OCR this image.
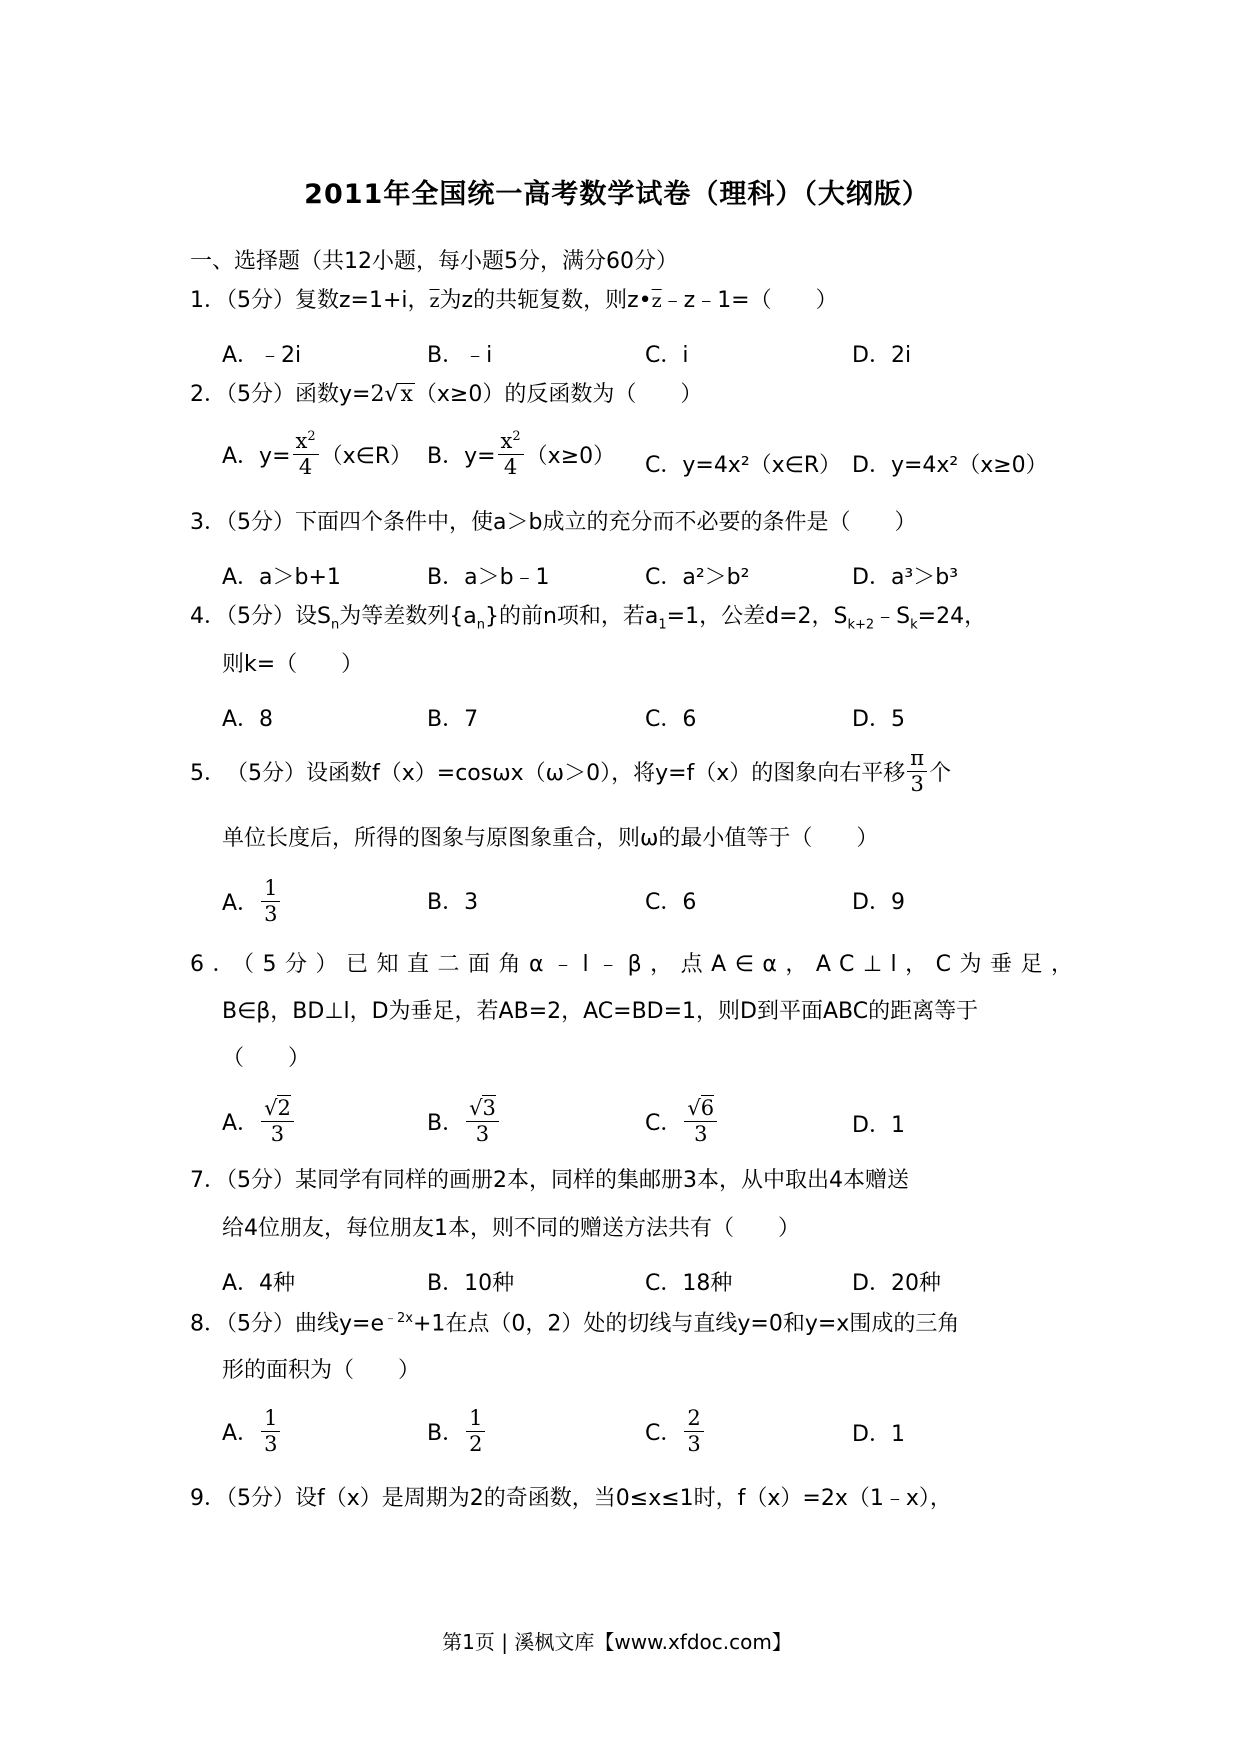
2011年全国统一高考数学试卷（理科）（大纲版）
一、选择题（共12小题，每小题5分，满分60分）
1．（5分）复数z=1+i，$\overline{z}$为z的共轭复数，则$z•\overline{z}﹣z﹣1=$（　　）
A．﹣2i	B．﹣i	C．i	D．2i
2．（5分）函数y= 2 √ x （x≥0）的反函数为（　　）
A．$y= \frac{x^2}{4}$ （x∈R） B．$y= \frac{x^2}{4} (x\ge 0)$ C．y=4x²（x∈R） D．y=4x²（x≥0）
3．（5分）下面四个条件中，使a＞b成立的充分而不必要的条件是（　　）
A．a＞b+1	B．a＞b﹣1	C．a²＞b²	D．a³＞b³
4．（5分）设$S_n$为等差数列$\{a_n\}$的前n项和，若$a_1=1$，公差d=2，$S_{k+2}﹣S_k=24$，
则k=（　　）
A．8	B．7	C．6	D．5
5． （5分）设函数f（x）=cosωx（ω＞0），将y=f（x）的图象向右平移 $\frac{\pi}{3}$ 个
单位长度后，所得的图象与原图象重合，则ω的最小值等于（　　）
A． $\frac{1}{3}$	B．3	C．6	D．9
6．（5分）已知直二面角α﹣l﹣β，点A∈α，AC⊥l，C为垂足，
B∈β，BD⊥l，D为垂足，若AB=2，AC=BD=1，则D到平面ABC的距离等于
（　　）
A． $\frac{√2}{3}$	B． $\frac{√3}{3}$	C． $\frac{√6}{3}$	D．1
7．（5分）某同学有同样的画册2本，同样的集邮册3本，从中取出4本赠送
给4位朋友，每位朋友1本，则不同的赠送方法共有（　　）
A．4种	B．10种	C．18种	D．20种
8．（5分）曲线$y=e^{﹣2x}+1$在点（0，2）处的切线与直线y=0和y=x围成的三角
形的面积为（　　）
A． $\frac{1}{3}$	B． $\frac{1}{2}$	C． $\frac{2}{3}$	D．1
9．（5分）设f（x）是周期为2的奇函数，当0≤x≤1时，f（x）=2x（1﹣x），
第1页 | 溪枫文库【www.xfdoc.com】
